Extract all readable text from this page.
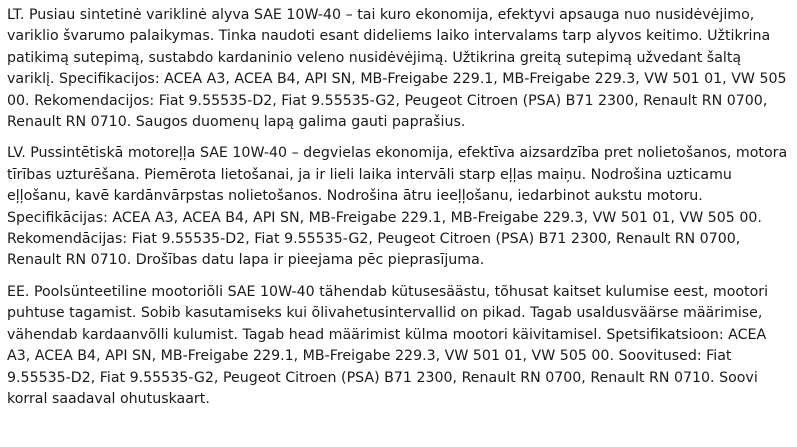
LT. Pusiau sintetinė variklinė alyva SAE 10W-40 – tai kuro ekonomija, efektyvi apsauga nuo nusidėvėjimo, variklio švarumo palaikymas. Tinka naudoti esant dideliems laiko intervalams tarp alyvos keitimo. Užtikrina patikimą sutepimą, sustabdo kardaninio veleno nusidėvėjimą. Užtikrina greitą sutepimą užvedant šaltą variklį. Specifikacijos: ACEA A3, ACEA B4, API SN, MB-Freigabe 229.1, MB-Freigabe 229.3, VW 501 01, VW 505 00. Rekomendacijos: Fiat 9.55535-D2, Fiat 9.55535-G2, Peugeot Citroen (PSA) B71 2300, Renault RN 0700, Renault RN 0710. Saugos duomenų lapą galima gauti paprašius.

LV. Pussintētiskā motoreļļa SAE 10W-40 – degvielas ekonomija, efektīva aizsardzība pret nolietošanos, motora tīrības uzturēšana. Piemērota lietošanai, ja ir lieli laika intervāli starp eļļas maiņu. Nodrošina uzticamu eļļošanu, kavē kardānvārpstas nolietošanos. Nodrošina ātru ieeļļošanu, iedarbinot aukstu motoru. Specifikācijas: ACEA A3, ACEA B4, API SN, MB-Freigabe 229.1, MB-Freigabe 229.3, VW 501 01, VW 505 00. Rekomendācijas: Fiat 9.55535-D2, Fiat 9.55535-G2, Peugeot Citroen (PSA) B71 2300, Renault RN 0700, Renault RN 0710. Drošības datu lapa ir pieejama pēc pieprasījuma.

EE. Poolsünteetiline mootoriõli SAE 10W-40 tähendab kütusesäästu, tõhusat kaitset kulumise eest, mootori puhtuse tagamist. Sobib kasutamiseks kui õlivahetusintervallid on pikad. Tagab usaldusväärse määrimise, vähendab kardaanvõlli kulumist. Tagab head määrimist külma mootori käivitamisel. Spetsifikatsioon: ACEA A3, ACEA B4, API SN, MB-Freigabe 229.1, MB-Freigabe 229.3, VW 501 01, VW 505 00. Soovitused: Fiat 9.55535-D2, Fiat 9.55535-G2, Peugeot Citroen (PSA) B71 2300, Renault RN 0700, Renault RN 0710. Soovi korral saadaval ohutuskaart.
